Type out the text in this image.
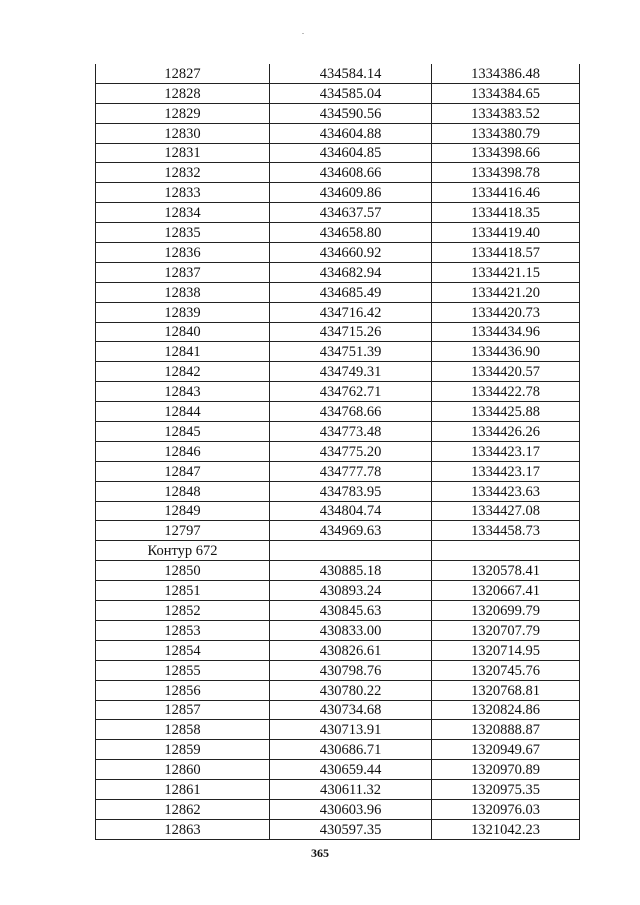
12827	434584.14	1334386.48
12828	434585.04	1334384.65
12829	434590.56	1334383.52
12830	434604.88	1334380.79
12831	434604.85	1334398.66
12832	434608.66	1334398.78
12833	434609.86	1334416.46
12834	434637.57	1334418.35
12835	434658.80	1334419.40
12836	434660.92	1334418.57
12837	434682.94	1334421.15
12838	434685.49	1334421.20
12839	434716.42	1334420.73
12840	434715.26	1334434.96
12841	434751.39	1334436.90
12842	434749.31	1334420.57
12843	434762.71	1334422.78
12844	434768.66	1334425.88
12845	434773.48	1334426.26
12846	434775.20	1334423.17
12847	434777.78	1334423.17
12848	434783.95	1334423.63
12849	434804.74	1334427.08
12797	434969.63	1334458.73
Контур 672		
12850	430885.18	1320578.41
12851	430893.24	1320667.41
12852	430845.63	1320699.79
12853	430833.00	1320707.79
12854	430826.61	1320714.95
12855	430798.76	1320745.76
12856	430780.22	1320768.81
12857	430734.68	1320824.86
12858	430713.91	1320888.87
12859	430686.71	1320949.67
12860	430659.44	1320970.89
12861	430611.32	1320975.35
12862	430603.96	1320976.03
12863	430597.35	1321042.23
365
